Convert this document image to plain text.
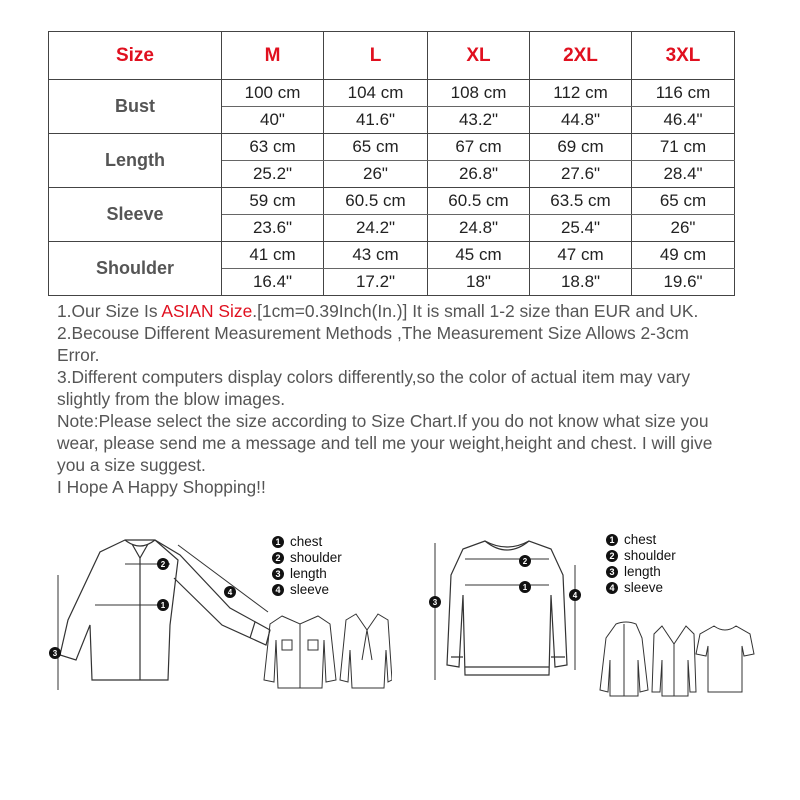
Size	M	L	XL	2XL	3XL
Bust	100 cm	104 cm	108 cm	112 cm	116 cm
	40"	41.6"	43.2"	44.8"	46.4"
Length	63 cm	65 cm	67 cm	69 cm	71 cm
	25.2"	26"	26.8"	27.6"	28.4"
Sleeve	59 cm	60.5 cm	60.5 cm	63.5 cm	65 cm
	23.6"	24.2"	24.8"	25.4"	26"
Shoulder	41 cm	43 cm	45 cm	47 cm	49 cm
	16.4"	17.2"	18"	18.8"	19.6"

1.Our Size Is ASIAN Size.[1cm=0.39Inch(In.)] It is small 1-2 size than EUR and UK.

2.Becouse Different Measurement Methods ,The Measurement Size Allows 2-3cm Error.

3.Different computers display colors differently,so the color of actual item may vary slightly from the blow images.

Note:Please select the size according to Size Chart.If you do not know what size you wear, please send me a message and tell me your weight,height and chest. I will give you a size suggest.

I Hope A Happy Shopping!!

1
2
3
4
1 chest
2 shoulder
3 length
4 sleeve	1
2
3
4
1 chest
2 shoulder
3 length
4 sleeve
